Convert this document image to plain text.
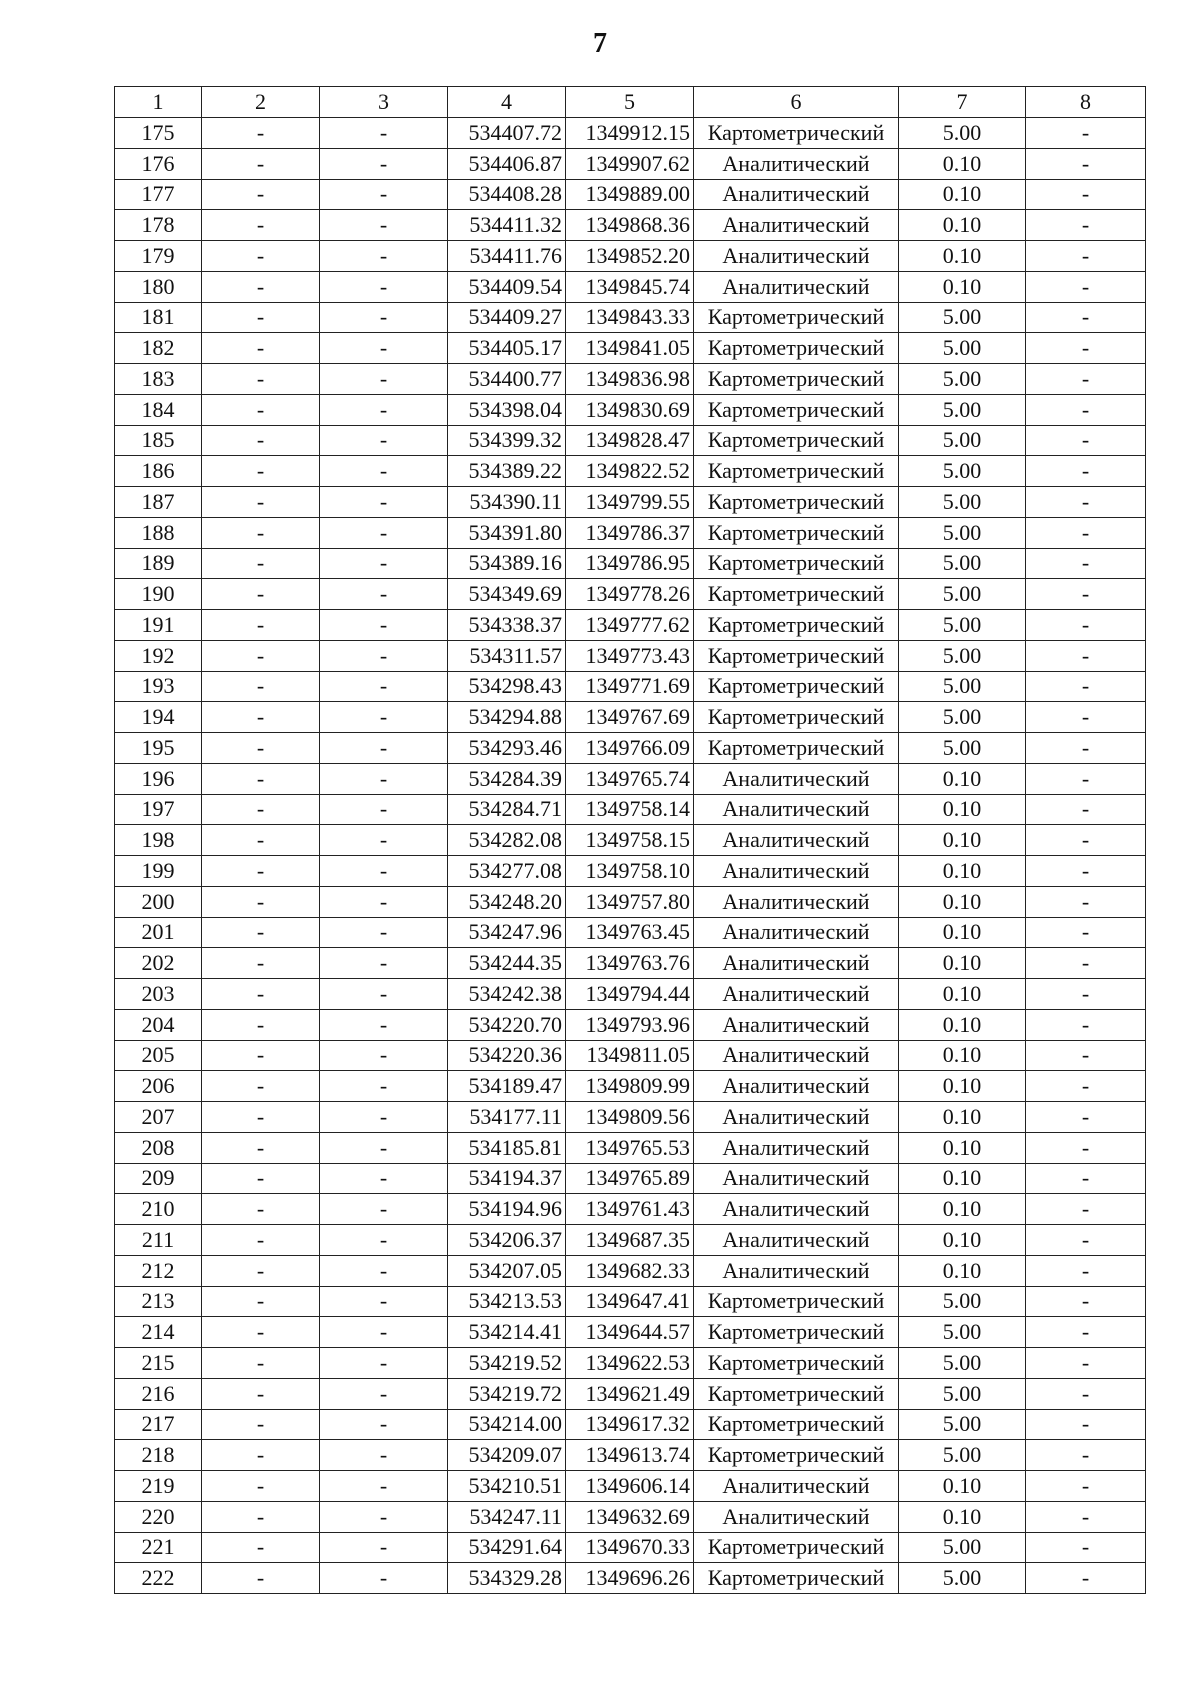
7
1	2	3	4	5	6	7	8
175	-	-	534407.72	1349912.15	Картометрический	5.00	-
176	-	-	534406.87	1349907.62	Аналитический	0.10	-
177	-	-	534408.28	1349889.00	Аналитический	0.10	-
178	-	-	534411.32	1349868.36	Аналитический	0.10	-
179	-	-	534411.76	1349852.20	Аналитический	0.10	-
180	-	-	534409.54	1349845.74	Аналитический	0.10	-
181	-	-	534409.27	1349843.33	Картометрический	5.00	-
182	-	-	534405.17	1349841.05	Картометрический	5.00	-
183	-	-	534400.77	1349836.98	Картометрический	5.00	-
184	-	-	534398.04	1349830.69	Картометрический	5.00	-
185	-	-	534399.32	1349828.47	Картометрический	5.00	-
186	-	-	534389.22	1349822.52	Картометрический	5.00	-
187	-	-	534390.11	1349799.55	Картометрический	5.00	-
188	-	-	534391.80	1349786.37	Картометрический	5.00	-
189	-	-	534389.16	1349786.95	Картометрический	5.00	-
190	-	-	534349.69	1349778.26	Картометрический	5.00	-
191	-	-	534338.37	1349777.62	Картометрический	5.00	-
192	-	-	534311.57	1349773.43	Картометрический	5.00	-
193	-	-	534298.43	1349771.69	Картометрический	5.00	-
194	-	-	534294.88	1349767.69	Картометрический	5.00	-
195	-	-	534293.46	1349766.09	Картометрический	5.00	-
196	-	-	534284.39	1349765.74	Аналитический	0.10	-
197	-	-	534284.71	1349758.14	Аналитический	0.10	-
198	-	-	534282.08	1349758.15	Аналитический	0.10	-
199	-	-	534277.08	1349758.10	Аналитический	0.10	-
200	-	-	534248.20	1349757.80	Аналитический	0.10	-
201	-	-	534247.96	1349763.45	Аналитический	0.10	-
202	-	-	534244.35	1349763.76	Аналитический	0.10	-
203	-	-	534242.38	1349794.44	Аналитический	0.10	-
204	-	-	534220.70	1349793.96	Аналитический	0.10	-
205	-	-	534220.36	1349811.05	Аналитический	0.10	-
206	-	-	534189.47	1349809.99	Аналитический	0.10	-
207	-	-	534177.11	1349809.56	Аналитический	0.10	-
208	-	-	534185.81	1349765.53	Аналитический	0.10	-
209	-	-	534194.37	1349765.89	Аналитический	0.10	-
210	-	-	534194.96	1349761.43	Аналитический	0.10	-
211	-	-	534206.37	1349687.35	Аналитический	0.10	-
212	-	-	534207.05	1349682.33	Аналитический	0.10	-
213	-	-	534213.53	1349647.41	Картометрический	5.00	-
214	-	-	534214.41	1349644.57	Картометрический	5.00	-
215	-	-	534219.52	1349622.53	Картометрический	5.00	-
216	-	-	534219.72	1349621.49	Картометрический	5.00	-
217	-	-	534214.00	1349617.32	Картометрический	5.00	-
218	-	-	534209.07	1349613.74	Картометрический	5.00	-
219	-	-	534210.51	1349606.14	Аналитический	0.10	-
220	-	-	534247.11	1349632.69	Аналитический	0.10	-
221	-	-	534291.64	1349670.33	Картометрический	5.00	-
222	-	-	534329.28	1349696.26	Картометрический	5.00	-
